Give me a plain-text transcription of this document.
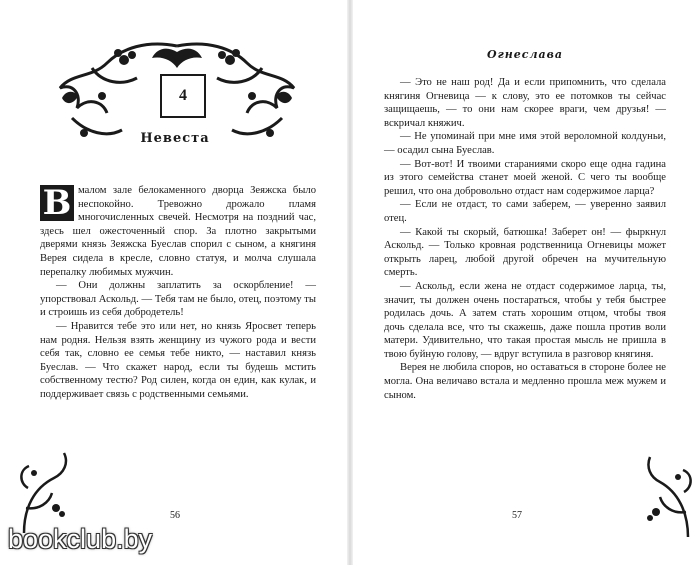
4
Невеста

В малом зале белокаменного дворца Зеяжска было неспокойно. Тревожно дрожало пламя многочисленных свечей. Несмотря на поздний час, здесь шел ожесточенный спор. За плотно закрытыми дверями князь Зеяжска Буеслав спорил с сыном, а княгиня Верея сидела в кресле, словно статуя, и молча слушала перепалку любимых мужчин.

— Они должны заплатить за оскорбление! — упорствовал Аскольд. — Тебя там не было, отец, поэтому ты и строишь из себя добродетель!

— Нравится тебе это или нет, но князь Яросвет теперь нам родня. Нельзя взять женщину из чужого рода и вести себя так, словно ее семья тебе никто, — наставил князь Буеслав. — Что скажет народ, если ты будешь мстить собственному тестю? Род силен, когда он един, как кулак, и поддерживает связь с родственными семьями.

56
Огнеслава

— Это не наш род! Да и если припомнить, что сделала княгиня Огневица — к слову, это ее потомков ты сейчас защищаешь, — то они нам скорее враги, чем друзья! — вскричал княжич.

— Не упоминай при мне имя этой вероломной колдуньи, — осадил сына Буеслав.

— Вот-вот! И твоими стараниями скоро еще одна гадина из этого семейства станет моей женой. С чего ты вообще решил, что она добровольно отдаст нам содержимое ларца?

— Если не отдаст, то сами заберем, — уверенно заявил отец.

— Какой ты скорый, батюшка! Заберет он! — фыркнул Аскольд. — Только кровная родственница Огневицы может открыть ларец, любой другой обречен на мучительную смерть.

— Аскольд, если жена не отдаст содержимое ларца, ты, значит, ты должен очень постараться, чтобы у тебя быстрее родилась дочь. А затем стать хорошим отцом, чтобы твоя дочь сделала все, что ты скажешь, даже пошла против воли матери. Удивительно, что такая простая мысль не пришла в твою буйную голову, — вдруг вступила в разговор княгиня.

Верея не любила споров, но оставаться в стороне более не могла. Она величаво встала и медленно прошла меж мужем и сыном.

57
bookclub.by
